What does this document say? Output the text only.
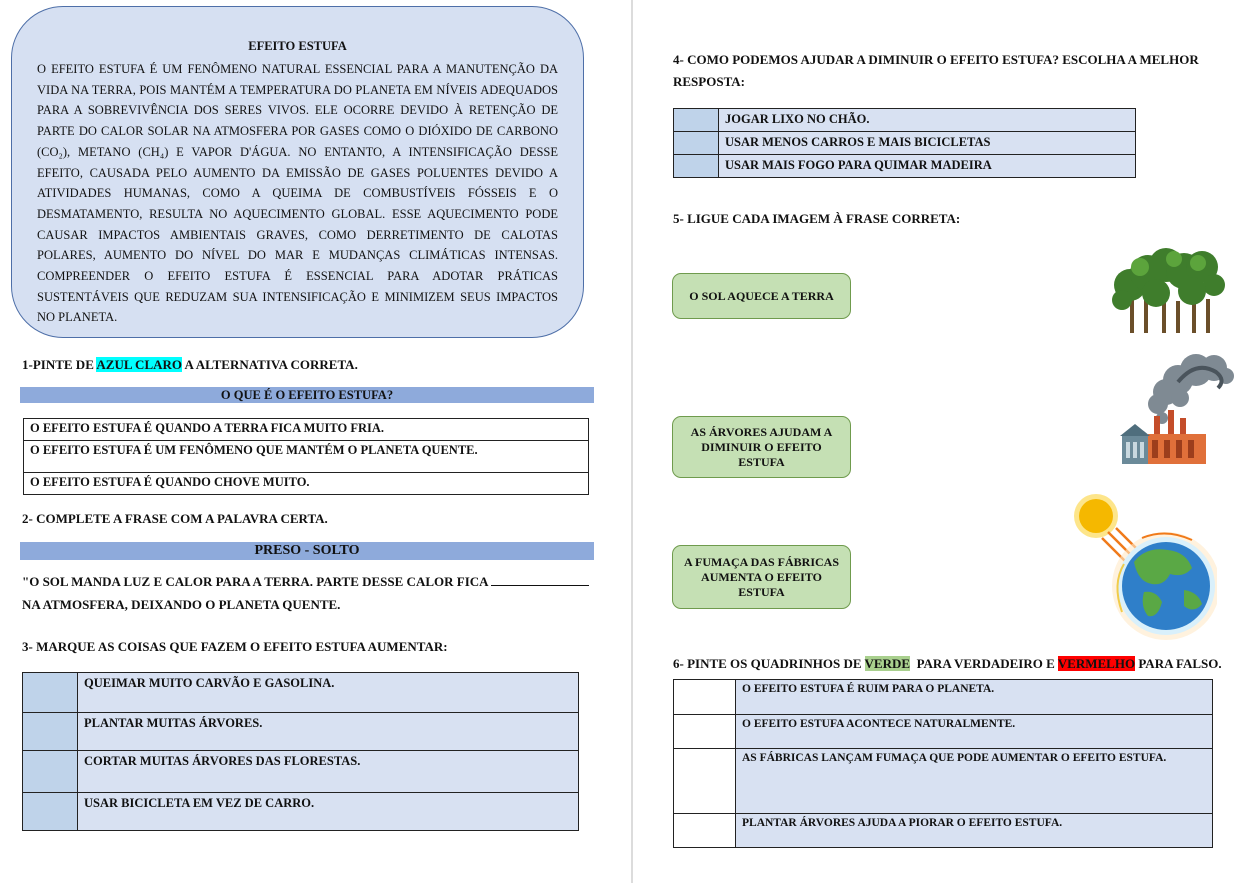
EFEITO ESTUFA
O EFEITO ESTUFA É UM FENÔMENO NATURAL ESSENCIAL PARA A MANUTENÇÃO DA VIDA NA TERRA, POIS MANTÉM A TEMPERATURA DO PLANETA EM NÍVEIS ADEQUADOS PARA A SOBREVIVÊNCIA DOS SERES VIVOS. ELE OCORRE DEVIDO À RETENÇÃO DE PARTE DO CALOR SOLAR NA ATMOSFERA POR GASES COMO O DIÓXIDO DE CARBONO (CO₂), METANO (CH₄) E VAPOR D'ÁGUA. NO ENTANTO, A INTENSIFICAÇÃO DESSE EFEITO, CAUSADA PELO AUMENTO DA EMISSÃO DE GASES POLUENTES DEVIDO A ATIVIDADES HUMANAS, COMO A QUEIMA DE COMBUSTÍVEIS FÓSSEIS E O DESMATAMENTO, RESULTA NO AQUECIMENTO GLOBAL. ESSE AQUECIMENTO PODE CAUSAR IMPACTOS AMBIENTAIS GRAVES, COMO DERRETIMENTO DE CALOTAS POLARES, AUMENTO DO NÍVEL DO MAR E MUDANÇAS CLIMÁTICAS INTENSAS. COMPREENDER O EFEITO ESTUFA É ESSENCIAL PARA ADOTAR PRÁTICAS SUSTENTÁVEIS QUE REDUZAM SUA INTENSIFICAÇÃO E MINIMIZEM SEUS IMPACTOS NO PLANETA.
1-PINTE DE AZUL CLARO A ALTERNATIVA CORRETA.
O QUE É O EFEITO ESTUFA?
O EFEITO ESTUFA É QUANDO A TERRA FICA MUITO FRIA.
O EFEITO ESTUFA É UM FENÔMENO QUE MANTÉM O PLANETA QUENTE.
O EFEITO ESTUFA É QUANDO CHOVE MUITO.
2- COMPLETE A FRASE COM A PALAVRA CERTA.
PRESO - SOLTO
"O SOL MANDA LUZ E CALOR PARA A TERRA. PARTE DESSE CALOR FICA
NA ATMOSFERA, DEIXANDO O PLANETA QUENTE.
3- MARQUE AS COISAS QUE FAZEM O EFEITO ESTUFA AUMENTAR:
	QUEIMAR MUITO CARVÃO E GASOLINA.
	PLANTAR MUITAS ÁRVORES.
	CORTAR MUITAS ÁRVORES DAS FLORESTAS.
	USAR BICICLETA EM VEZ DE CARRO.
4- COMO PODEMOS AJUDAR A DIMINUIR O EFEITO ESTUFA? ESCOLHA A MELHOR
RESPOSTA:
	JOGAR LIXO NO CHÃO.
	USAR MENOS CARROS E MAIS BICICLETAS
	USAR MAIS FOGO PARA QUIMAR MADEIRA
5- LIGUE CADA IMAGEM À FRASE CORRETA:
O SOL AQUECE A TERRA
AS ÁRVORES AJUDAM A DIMINUIR O EFEITO ESTUFA
A FUMAÇA DAS FÁBRICAS AUMENTA O EFEITO ESTUFA
6- PINTE OS QUADRINHOS DE VERDE  PARA VERDADEIRO E VERMELHO PARA FALSO.
	O EFEITO ESTUFA É RUIM PARA O PLANETA.
	O EFEITO ESTUFA ACONTECE NATURALMENTE.
	AS FÁBRICAS LANÇAM FUMAÇA QUE PODE AUMENTAR O EFEITO ESTUFA.
	PLANTAR ÁRVORES AJUDA A PIORAR O EFEITO ESTUFA.
